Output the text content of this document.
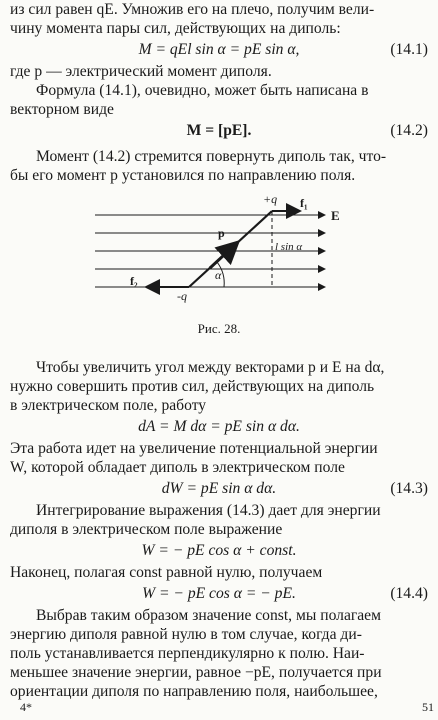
из сил равен qE. Умножив его на плечо, получим вели-

чину момента пары сил, действующих на диполь:

M = qEl sin α = pE sin α,	(14.1)

где p — электрический момент диполя.

Формула (14.1), очевидно, может быть написана в

векторном виде

M = [pE].	(14.2)

Момент (14.2) стремится повернуть диполь так, что-

бы его момент p установился по направлению поля.

+q f₁
E
p
l sin α
α
f₂
-q

Рис. 28.

Чтобы увеличить угол между векторами p и E на dα,

нужно совершить против сил, действующих на диполь

в электрическом поле, работу

dA = M dα = pE sin α dα.

Эта работа идет на увеличение потенциальной энергии

W, которой обладает диполь в электрическом поле

dW = pE sin α dα.	(14.3)

Интегрирование выражения (14.3) дает для энергии

диполя в электрическом поле выражение

W = − pE cos α + const.

Наконец, полагая const равной нулю, получаем

W = − pE cos α = − pE.	(14.4)

Выбрав таким образом значение const, мы полагаем

энергию диполя равной нулю в том случае, когда ди-

поль устанавливается перпендикулярно к полю. Наи-

меньшее значение энергии, равное −pE, получается при

ориентации диполя по направлению поля, наибольшее,

4*	51
